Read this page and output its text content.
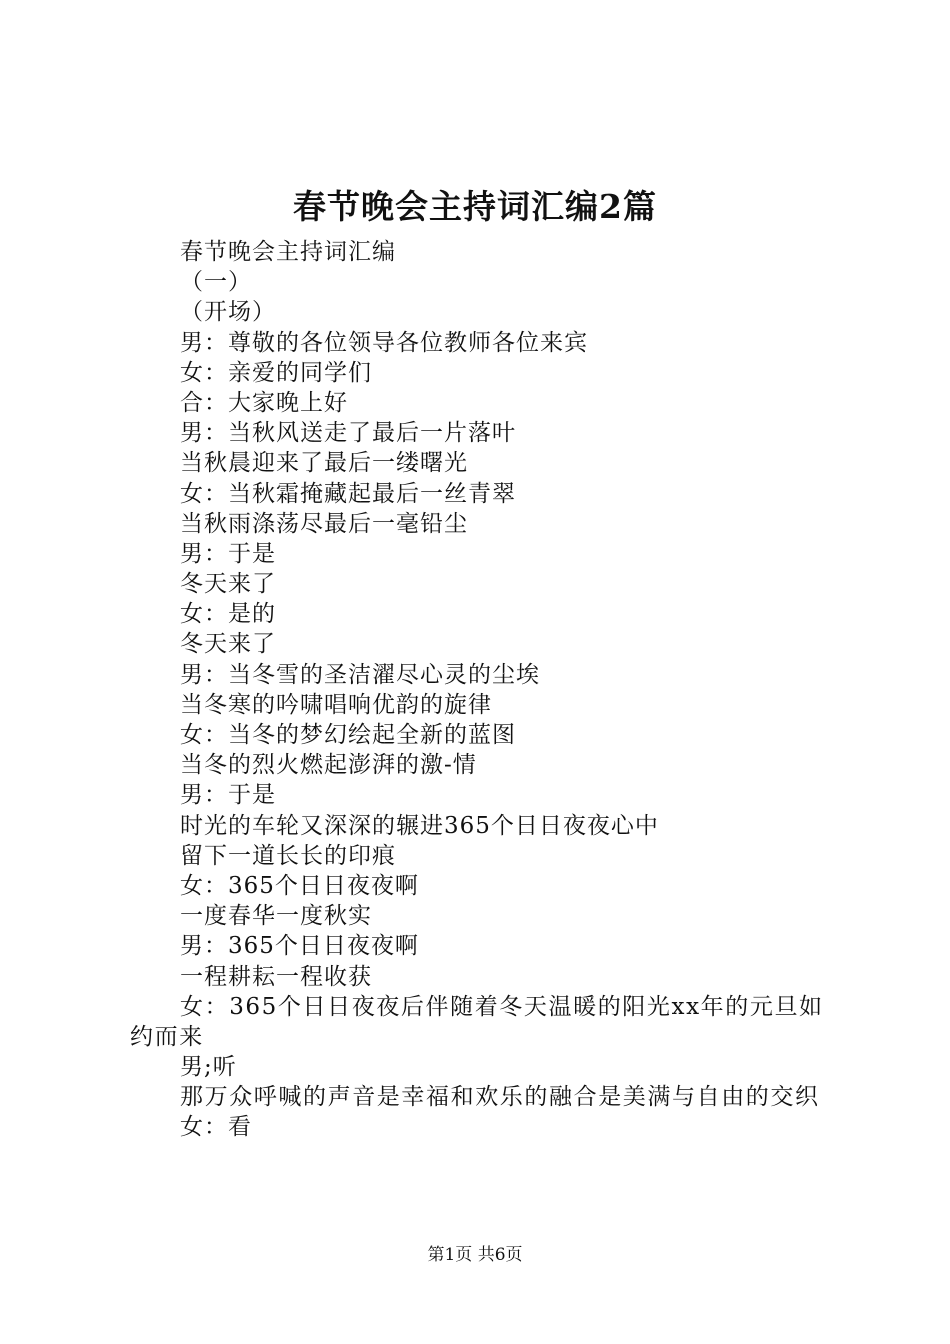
春节晚会主持词汇编2篇
春节晚会主持词汇编
（一）
（开场）
男：尊敬的各位领导各位教师各位来宾
女：亲爱的同学们
合：大家晚上好
男：当秋风送走了最后一片落叶
当秋晨迎来了最后一缕曙光
女：当秋霜掩藏起最后一丝青翠
当秋雨涤荡尽最后一毫铅尘
男：于是
冬天来了
女：是的
冬天来了
男：当冬雪的圣洁濯尽心灵的尘埃
当冬寒的吟啸唱响优韵的旋律
女：当冬的梦幻绘起全新的蓝图
当冬的烈火燃起澎湃的激-情
男：于是
时光的车轮又深深的辗进365个日日夜夜心中
留下一道长长的印痕
女：365个日日夜夜啊
一度春华一度秋实
男：365个日日夜夜啊
一程耕耘一程收获
女：365个日日夜夜后伴随着冬天温暖的阳光xx年的元旦如约而来
男;听
那万众呼喊的声音是幸福和欢乐的融合是美满与自由的交织
女：看
第1页 共6页
